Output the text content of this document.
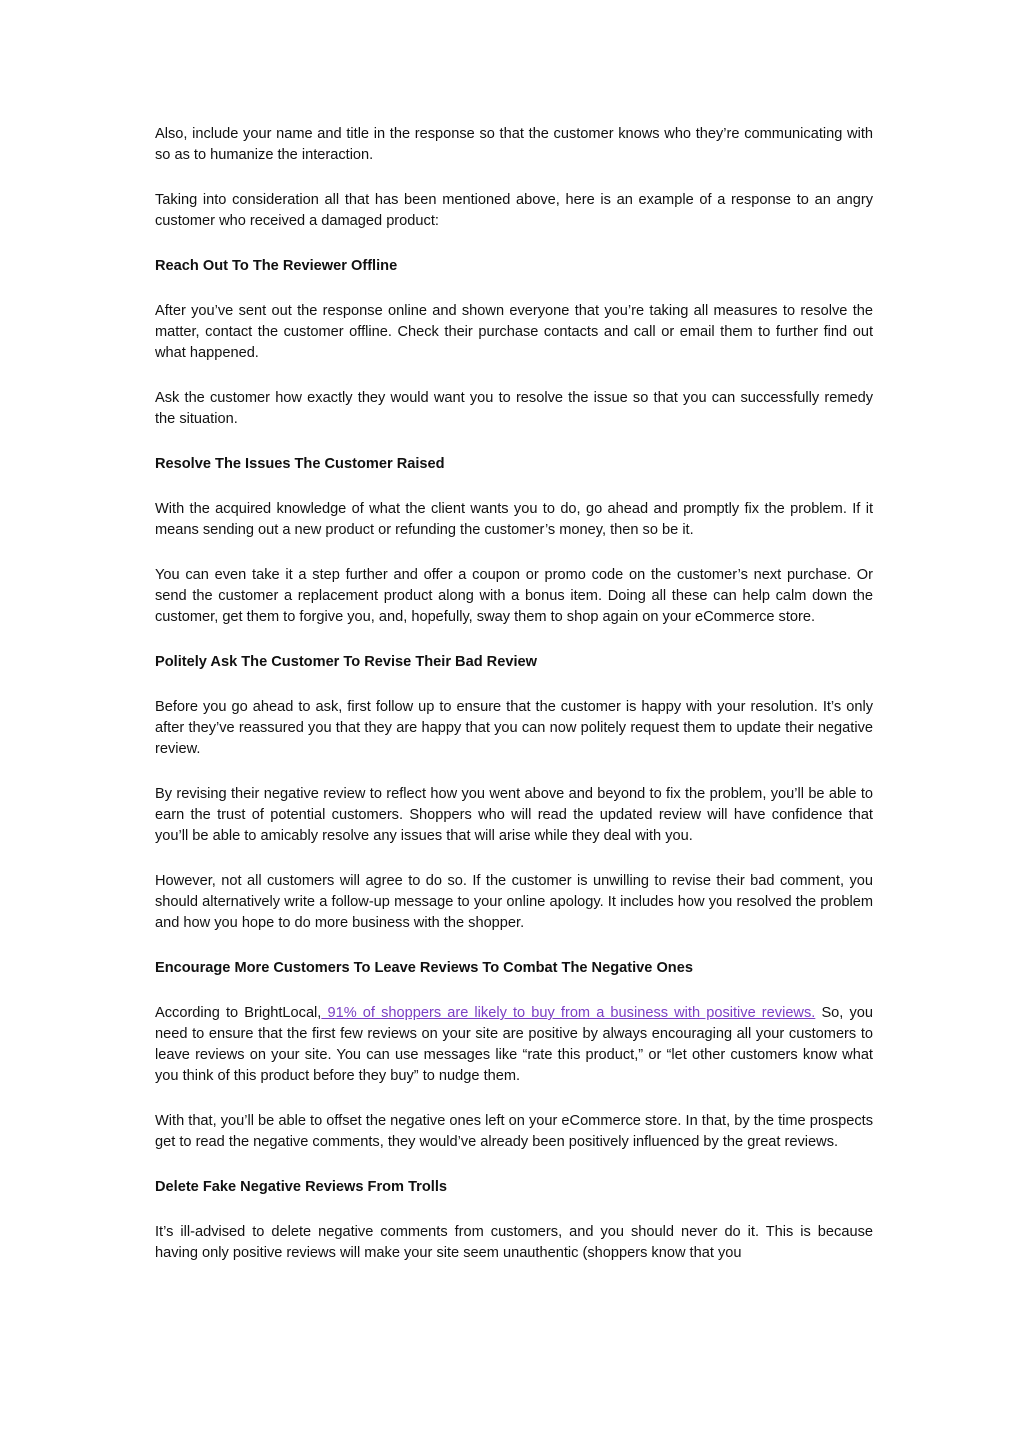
Also, include your name and title in the response so that the customer knows who they’re communicating with so as to humanize the interaction.

Taking into consideration all that has been mentioned above, here is an example of a response to an angry customer who received a damaged product:

Reach Out To The Reviewer Offline

After you’ve sent out the response online and shown everyone that you’re taking all measures to resolve the matter, contact the customer offline. Check their purchase contacts and call or email them to further find out what happened.

Ask the customer how exactly they would want you to resolve the issue so that you can successfully remedy the situation.

Resolve The Issues The Customer Raised

With the acquired knowledge of what the client wants you to do, go ahead and promptly fix the problem. If it means sending out a new product or refunding the customer’s money, then so be it.

You can even take it a step further and offer a coupon or promo code on the customer’s next purchase. Or send the customer a replacement product along with a bonus item. Doing all these can help calm down the customer, get them to forgive you, and, hopefully, sway them to shop again on your eCommerce store.

Politely Ask The Customer To Revise Their Bad Review

Before you go ahead to ask, first follow up to ensure that the customer is happy with your resolution. It’s only after they’ve reassured you that they are happy that you can now politely request them to update their negative review.

By revising their negative review to reflect how you went above and beyond to fix the problem, you’ll be able to earn the trust of potential customers. Shoppers who will read the updated review will have confidence that you’ll be able to amicably resolve any issues that will arise while they deal with you.

However, not all customers will agree to do so. If the customer is unwilling to revise their bad comment, you should alternatively write a follow-up message to your online apology. It includes how you resolved the problem and how you hope to do more business with the shopper.

Encourage More Customers To Leave Reviews To Combat The Negative Ones

According to BrightLocal, 91% of shoppers are likely to buy from a business with positive reviews. So, you need to ensure that the first few reviews on your site are positive by always encouraging all your customers to leave reviews on your site. You can use messages like “rate this product,” or “let other customers know what you think of this product before they buy” to nudge them.

With that, you’ll be able to offset the negative ones left on your eCommerce store. In that, by the time prospects get to read the negative comments, they would’ve already been positively influenced by the great reviews.

Delete Fake Negative Reviews From Trolls

It’s ill-advised to delete negative comments from customers, and you should never do it. This is because having only positive reviews will make your site seem unauthentic (shoppers know that you
